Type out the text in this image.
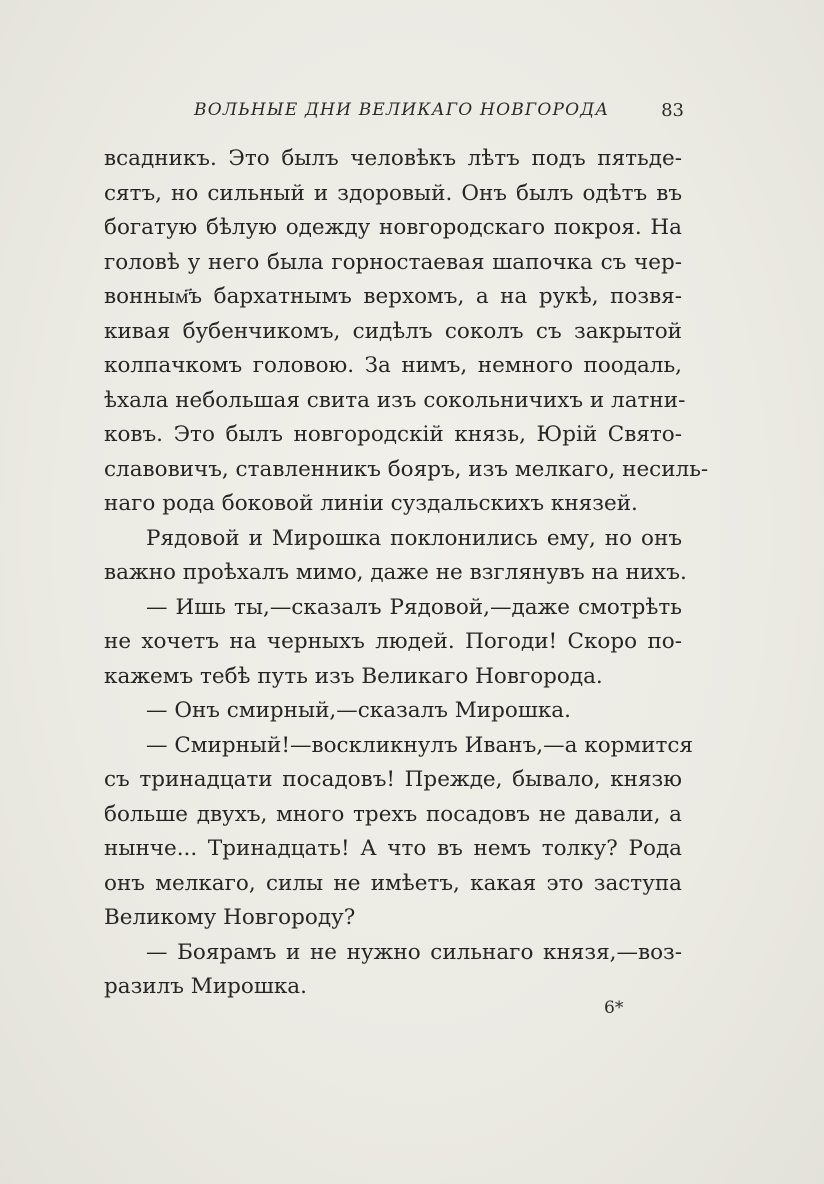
ВОЛЬНЫЕ ДНИ ВЕЛИКАГО НОВГОРОДА	83
всадникъ. Это былъ человѣкъ лѣтъ подъ пятьде-
сятъ, но сильный и здоровый. Онъ былъ одѣтъ въ
богатую бѣлую одежду новгородскаго покроя. На
головѣ у него была горностаевая шапочка съ чер-
вонным҃ъ бархатнымъ верхомъ, а на рукѣ, позвя-
кивая бубенчикомъ, сидѣлъ соколъ съ закрытой
колпачкомъ головою. За нимъ, немного поодаль,
ѣхала небольшая свита изъ сокольничихъ и латни-
ковъ. Это былъ новгородскій князь, Юрій Свято-
славовичъ, ставленникъ бояръ, изъ мелкаго, несиль-
наго рода боковой линіи суздальскихъ князей.
Рядовой и Мирошка поклонились ему, но онъ
важно проѣхалъ мимо, даже не взглянувъ на нихъ.
— Ишь ты,—сказалъ Рядовой,—даже смотрѣть
не хочетъ на черныхъ людей. Погоди! Скоро по-
кажемъ тебѣ путь изъ Великаго Новгорода.
— Онъ смирный,—сказалъ Мирошка.
— Смирный!—воскликнулъ Иванъ,—а кормится
съ тринадцати посадовъ! Прежде, бывало, князю
больше двухъ, много трехъ посадовъ не давали, а
нынче... Тринадцать! А что въ немъ толку? Рода
онъ мелкаго, силы не имѣетъ, какая это заступа
Великому Новгороду?
— Боярамъ и не нужно сильнаго князя,—воз-
разилъ Мирошка.
6*
